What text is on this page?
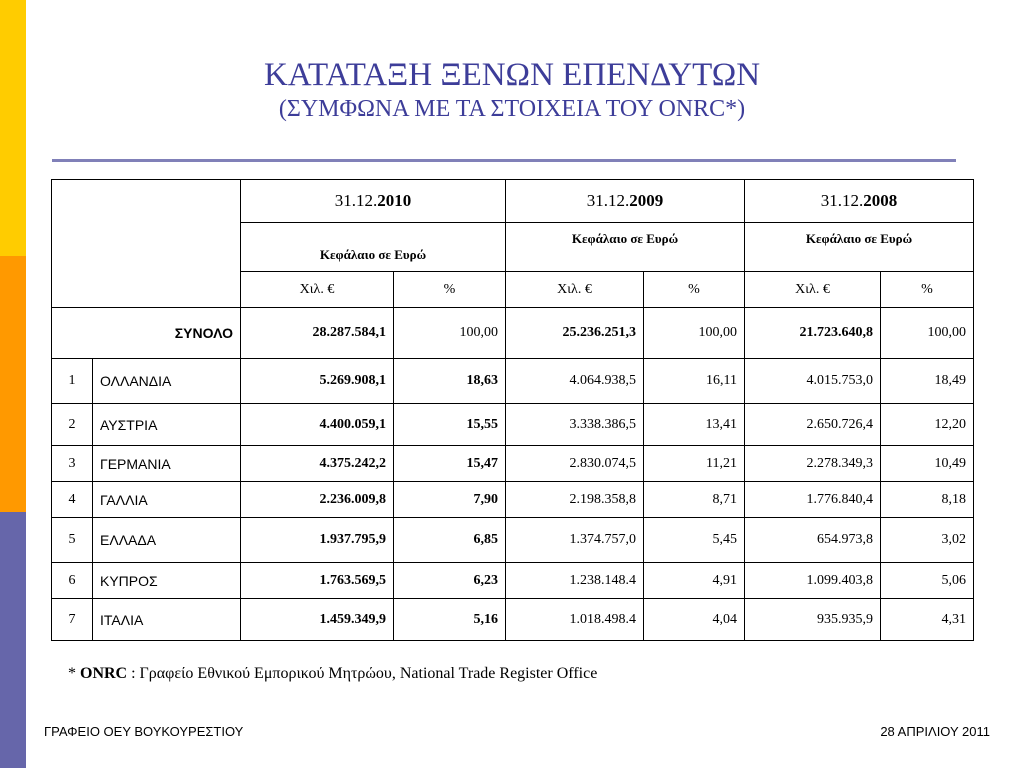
ΚΑΤΑΤΑΞΗ ΞΕΝΩΝ ΕΠΕΝΔΥΤΩΝ
(ΣΥΜΦΩΝΑ ΜΕ ΤΑ ΣΤΟΙΧΕΙΑ ΤΟΥ ONRC*)
		31.12.2010		31.12.2009		31.12.2008	
		Κεφάλαιο σε Ευρώ		Κεφάλαιο σε Ευρώ		Κεφάλαιο σε Ευρώ	
		Χιλ. €	%	Χιλ. €	%	Χιλ. €	%
ΣΥΝΟΛΟ		28.287.584,1	100,00	25.236.251,3	100,00	21.723.640,8	100,00
1	ΟΛΛΑΝΔΙΑ	5.269.908,1	18,63	4.064.938,5	16,11	4.015.753,0	18,49
2	ΑΥΣΤΡΙΑ	4.400.059,1	15,55	3.338.386,5	13,41	2.650.726,4	12,20
3	ΓΕΡΜΑΝΙΑ	4.375.242,2	15,47	2.830.074,5	11,21	2.278.349,3	10,49
4	ΓΑΛΛΙΑ	2.236.009,8	7,90	2.198.358,8	8,71	1.776.840,4	8,18
5	ΕΛΛΑΔΑ	1.937.795,9	6,85	1.374.757,0	5,45	654.973,8	3,02
6	ΚΥΠΡΟΣ	1.763.569,5	6,23	1.238.148.4	4,91	1.099.403,8	5,06
7	ΙΤΑΛΙΑ	1.459.349,9	5,16	1.018.498.4	4,04	935.935,9	4,31
* ONRC : Γραφείο Εθνικού Εμπορικού Μητρώου, National Trade Register Office
ΓΡΑΦΕΙΟ ΟΕΥ ΒΟΥΚΟΥΡΕΣΤΙΟΥ	28 ΑΠΡΙΛΙΟΥ 2011
